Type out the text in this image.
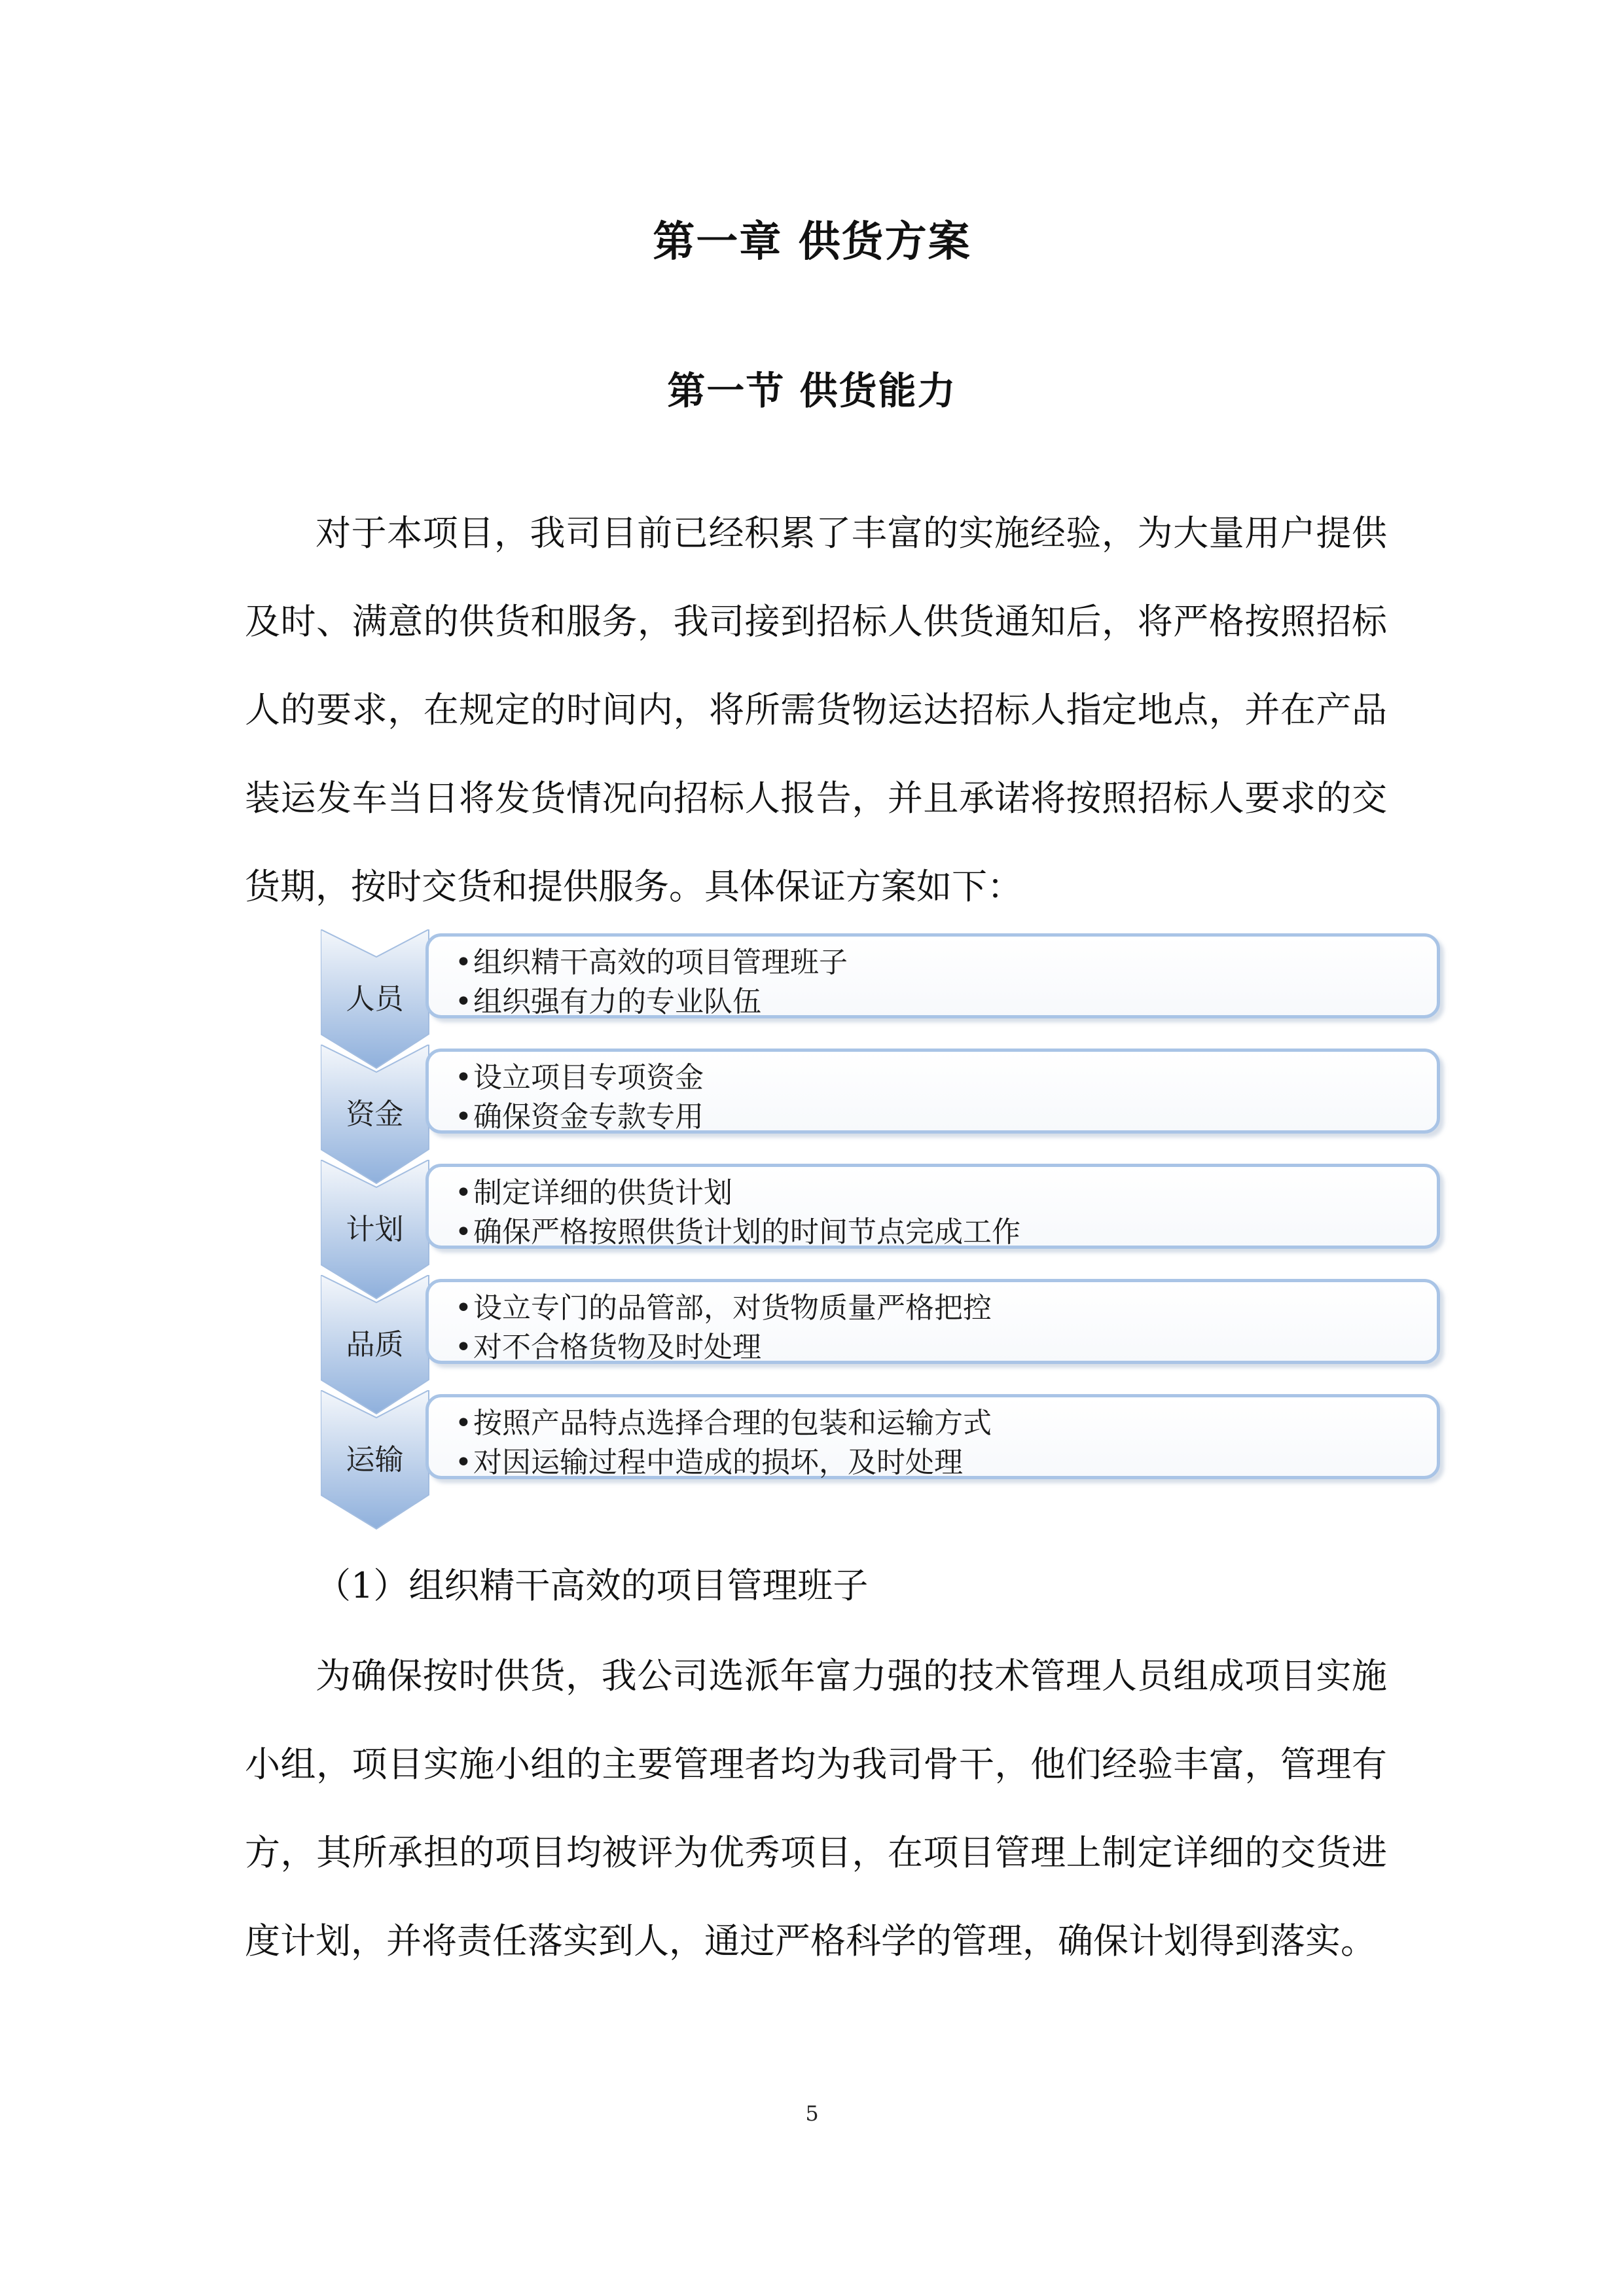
第一章 供货方案
第一节 供货能力

对于本项目，我司目前已经积累了丰富的实施经验，为大量用户提供及时、满意的供货和服务，我司接到招标人供货通知后，将严格按照招标人的要求，在规定的时间内，将所需货物运达招标人指定地点，并在产品装运发车当日将发货情况向招标人报告，并且承诺将按照招标人要求的交货期，按时交货和提供服务。具体保证方案如下：

人员
• 组织精干高效的项目管理班子
• 组织强有力的专业队伍
资金
• 设立项目专项资金
• 确保资金专款专用
计划
• 制定详细的供货计划
• 确保严格按照供货计划的时间节点完成工作
品质
• 设立专门的品管部，对货物质量严格把控
• 对不合格货物及时处理
运输
• 按照产品特点选择合理的包装和运输方式
• 对因运输过程中造成的损坏，及时处理

（1）组织精干高效的项目管理班子

为确保按时供货，我公司选派年富力强的技术管理人员组成项目实施小组，项目实施小组的主要管理者均为我司骨干，他们经验丰富，管理有方，其所承担的项目均被评为优秀项目，在项目管理上制定详细的交货进度计划，并将责任落实到人，通过严格科学的管理，确保计划得到落实。

5
